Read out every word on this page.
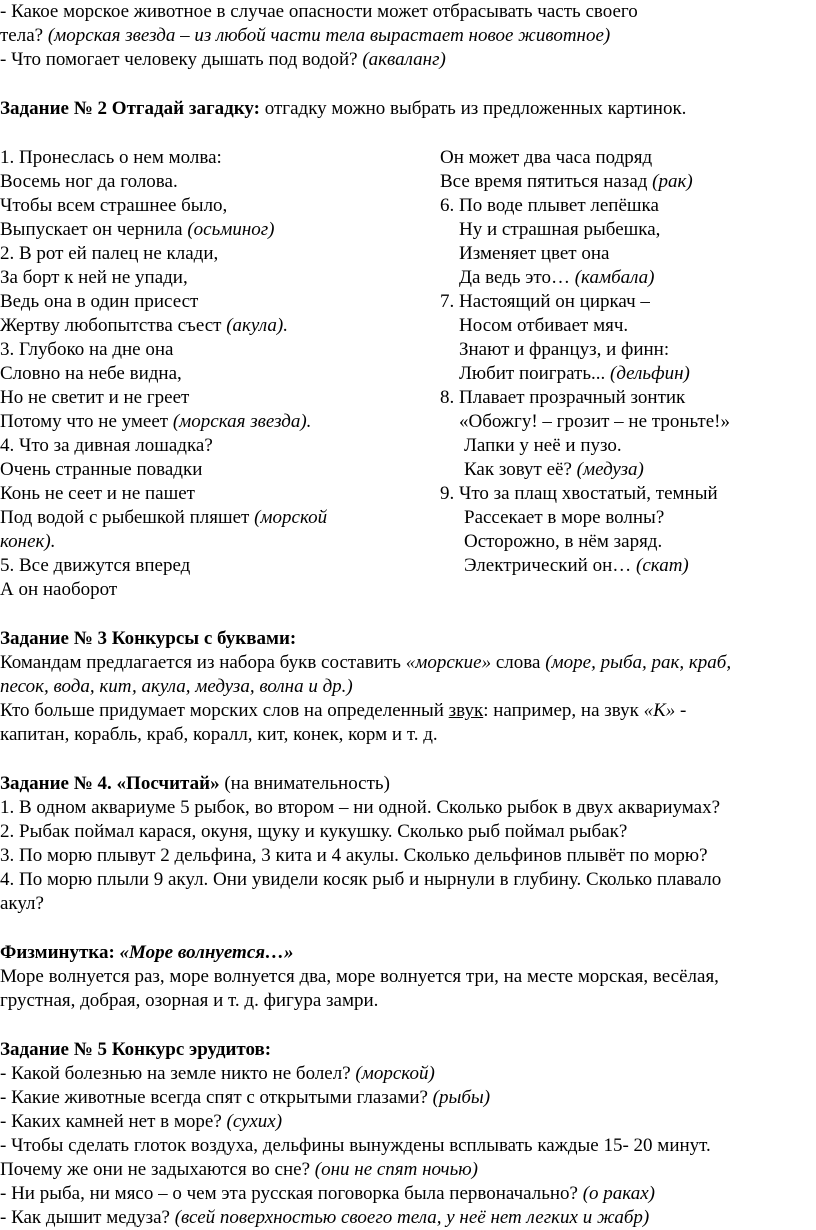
- Какое морское животное в случае опасности может отбрасывать часть своего
тела? (морская звезда – из любой части тела вырастает новое животное)
- Что помогает человеку дышать под водой? (акваланг)
Задание № 2 Отгадай загадку: отгадку можно выбрать из предложенных картинок.
1. Пронеслась о нем молва:
Восемь ног да голова.
Чтобы всем страшнее было,
Выпускает он чернила (осьминог)
2. В рот ей палец не клади,
За борт к ней не упади,
Ведь она в один присест
Жертву любопытства съест (акула).
3. Глубоко на дне она
Словно на небе видна,
Но не светит и не греет
Потому что не умеет (морская звезда).
4. Что за дивная лошадка?
Очень странные повадки
Конь не сеет и не пашет
Под водой с рыбешкой пляшет (морской
конек).
5. Все движутся вперед
А он наоборот
Он может два часа подряд
Все время пятиться назад (рак)
6. По воде плывет лепёшка
Ну и страшная рыбешка,
Изменяет цвет она
Да ведь это… (камбала)
7. Настоящий он циркач –
Носом отбивает мяч.
Знают и француз, и финн:
Любит поиграть... (дельфин)
8. Плавает прозрачный зонтик
«Обожгу! – грозит – не троньте!»
Лапки у неё и пузо.
Как зовут её? (медуза)
9. Что за плащ хвостатый, темный
Рассекает в море волны?
Осторожно, в нём заряд.
Электрический он… (скат)
Задание № 3 Конкурсы с буквами:
Командам предлагается из набора букв составить «морские» слова (море, рыба, рак, краб,
песок, вода, кит, акула, медуза, волна и др.)
Кто больше придумает морских слов на определенный звук: например, на звук «К» -
капитан, корабль, краб, коралл, кит, конек, корм и т. д.
Задание № 4. «Посчитай» (на внимательность)
1. В одном аквариуме 5 рыбок, во втором – ни одной. Сколько рыбок в двух аквариумах?
2. Рыбак поймал карася, окуня, щуку и кукушку. Сколько рыб поймал рыбак?
3. По морю плывут 2 дельфина, 3 кита и 4 акулы. Сколько дельфинов плывёт по морю?
4. По морю плыли 9 акул. Они увидели косяк рыб и нырнули в глубину. Сколько плавало
акул?
Физминутка: «Море волнуется…»
Море волнуется раз, море волнуется два, море волнуется три, на месте морская, весёлая,
грустная, добрая, озорная и т. д. фигура замри.
Задание № 5 Конкурс эрудитов:
- Какой болезнью на земле никто не болел? (морской)
- Какие животные всегда спят с открытыми глазами? (рыбы)
- Каких камней нет в море? (сухих)
- Чтобы сделать глоток воздуха, дельфины вынуждены всплывать каждые 15- 20 минут.
Почему же они не задыхаются во сне? (они не спят ночью)
- Ни рыба, ни мясо – о чем эта русская поговорка была первоначально? (о раках)
- Как дышит медуза? (всей поверхностью своего тела, у неё нет легких и жабр)
